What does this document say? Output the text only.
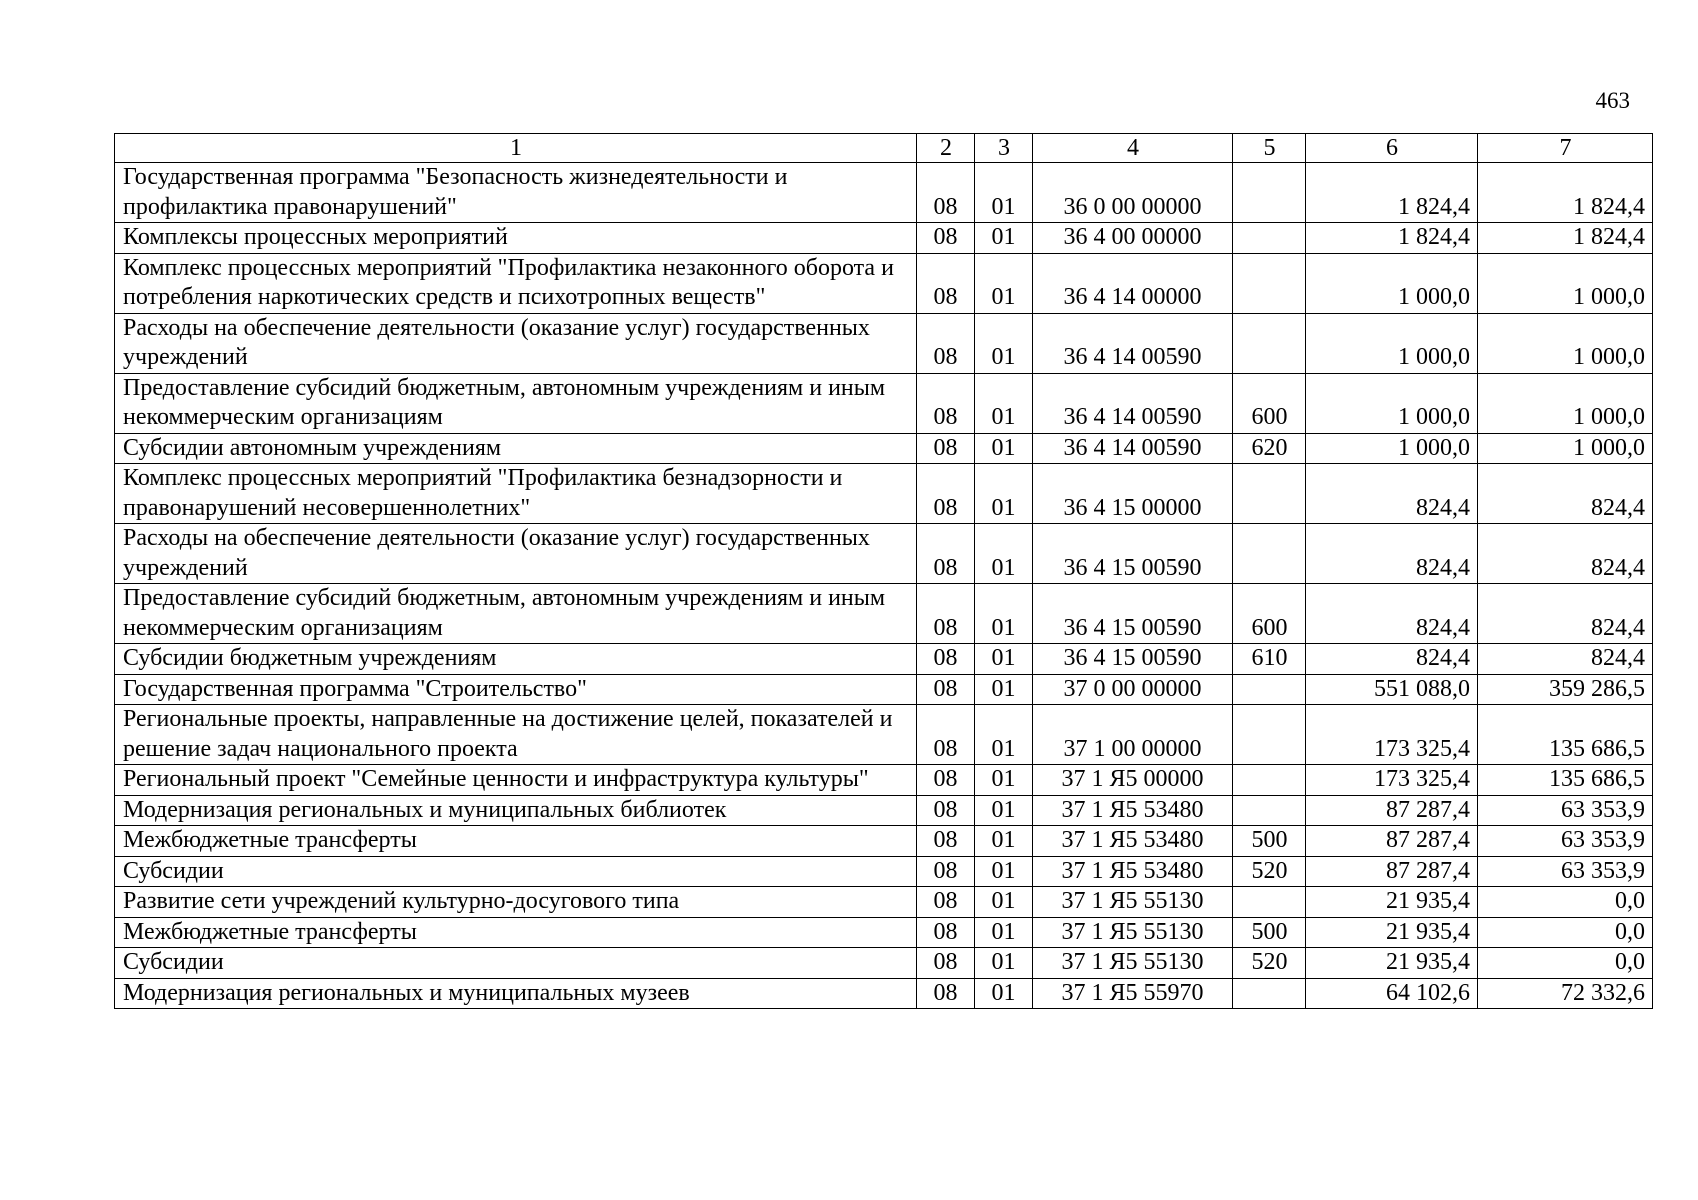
463
1	2	3	4	5	6	7
Государственная программа "Безопасность жизнедеятельности и профилактика правонарушений"	08	01	36 0 00 00000		1 824,4	1 824,4
Комплексы процессных мероприятий	08	01	36 4 00 00000		1 824,4	1 824,4
Комплекс процессных мероприятий "Профилактика незаконного оборота и потребления наркотических средств и психотропных веществ"	08	01	36 4 14 00000		1 000,0	1 000,0
Расходы на обеспечение деятельности (оказание услуг) государственных учреждений	08	01	36 4 14 00590		1 000,0	1 000,0
Предоставление субсидий бюджетным, автономным учреждениям и иным некоммерческим организациям	08	01	36 4 14 00590	600	1 000,0	1 000,0
Субсидии автономным учреждениям	08	01	36 4 14 00590	620	1 000,0	1 000,0
Комплекс процессных мероприятий "Профилактика безнадзорности и правонарушений несовершеннолетних"	08	01	36 4 15 00000		824,4	824,4
Расходы на обеспечение деятельности (оказание услуг) государственных учреждений	08	01	36 4 15 00590		824,4	824,4
Предоставление субсидий бюджетным, автономным учреждениям и иным некоммерческим организациям	08	01	36 4 15 00590	600	824,4	824,4
Субсидии бюджетным учреждениям	08	01	36 4 15 00590	610	824,4	824,4
Государственная программа "Строительство"	08	01	37 0 00 00000		551 088,0	359 286,5
Региональные проекты, направленные на достижение целей, показателей и решение задач национального проекта	08	01	37 1 00 00000		173 325,4	135 686,5
Региональный проект "Семейные ценности и инфраструктура культуры"	08	01	37 1 Я5 00000		173 325,4	135 686,5
Модернизация региональных и муниципальных библиотек	08	01	37 1 Я5 53480		87 287,4	63 353,9
Межбюджетные трансферты	08	01	37 1 Я5 53480	500	87 287,4	63 353,9
Субсидии	08	01	37 1 Я5 53480	520	87 287,4	63 353,9
Развитие сети учреждений культурно-досугового типа	08	01	37 1 Я5 55130		21 935,4	0,0
Межбюджетные трансферты	08	01	37 1 Я5 55130	500	21 935,4	0,0
Субсидии	08	01	37 1 Я5 55130	520	21 935,4	0,0
Модернизация региональных и муниципальных музеев	08	01	37 1 Я5 55970		64 102,6	72 332,6
